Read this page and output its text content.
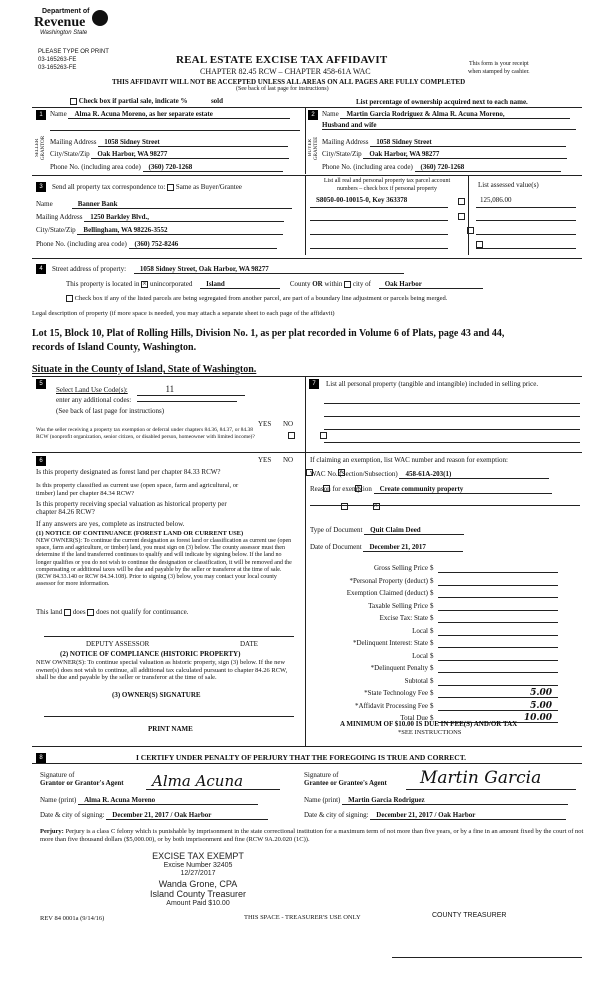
Department of
Revenue
Washington State
PLEASE TYPE OR PRINT
03-165263-FE
03-165263-FE
REAL ESTATE EXCISE TAX AFFIDAVIT
CHAPTER 82.45 RCW – CHAPTER 458-61A WAC
This form is your receipt
when stamped by cashier.
THIS AFFIDAVIT WILL NOT BE ACCEPTED UNLESS ALL AREAS ON ALL PAGES ARE FULLY COMPLETED
(See back of last page for instructions)
Check box if partial sale, indicate %	sold	List percentage of ownership acquired next to each name.
1
SELLER GRANTOR
Name Alma R. Acuna Moreno, as her separate estate
Mailing Address 1058 Sidney Street
City/State/Zip Oak Harbor, WA 98277
Phone No. (including area code) (360) 720-1268
2
BUYER GRANTEE
Name Martin Garcia Rodriguez & Alma R. Acuna Moreno,
Husband and wife
Mailing Address 1058 Sidney Street
City/State/Zip Oak Harbor, WA 98277
Phone No. (including area code) (360) 720-1268
3	Send all property tax correspondence to: Same as Buyer/Grantee
Name	Banner Bank
Mailing Address 1250 Barkley Blvd.,
City/State/Zip Bellingham, WA 98226-3552
Phone No. (including area code) (360) 752-8246
List all real and personal property tax parcel account
numbers – check box if personal property	List assessed value(s)
S8050-00-10015-0, Key 363378	125,086.00

4	Street address of property: 1058 Sidney Street, Oak Harbor, WA 98277
This property is located in × unincorporated Island	County OR within city of Oak Harbor
Check box if any of the listed parcels are being segregated from another parcel, are part of a boundary line adjustment or parcels being merged.
Legal description of property (if more space is needed, you may attach a separate sheet to each page of the affidavit)
Lot 15, Block 10, Plat of Rolling Hills, Division No. 1, as per plat recorded in Volume 6 of Plats, page 43 and 44,
records of Island County, Washington.
Situate in the County of Island, State of Washington.
5
Select Land Use Code(s):	11
enter any additional codes:
(See back of last page for instructions)
YES NO
Was the seller receiving a property tax exemption or deferral under chapters 84.36, 84.37, or 84.38 RCW (nonprofit organization, senior citizen, or disabled person, homeowner with limited income)?

6	YES NO
Is this property designated as forest land per chapter 84.33 RCW?
×
Is this property classified as current use (open space, farm and agricultural, or timber) land per chapter 84.34 RCW?
×
Is this property receiving special valuation as historical property per chapter 84.26 RCW?
×
If any answers are yes, complete as instructed below.
(1) NOTICE OF CONTINUANCE (FOREST LAND OR CURRENT USE)
NEW OWNER(S): To continue the current designation as forest land or classification as current use (open space, farm and agriculture, or timber) land, you must sign on (3) below. The county assessor must then determine if the land transferred continues to qualify and will indicate by signing below. If the land no longer qualifies or you do not wish to continue the designation or classification, it will be removed and the compensating or additional taxes will be due and payable by the seller or transferor at the time of sale. (RCW 84.33.140 or RCW 84.34.108). Prior to signing (3) below, you may contact your local county assessor for more information.
This land does does not qualify for continuance.
DEPUTY ASSESSOR	DATE
(2) NOTICE OF COMPLIANCE (HISTORIC PROPERTY)
NEW OWNER(S): To continue special valuation as historic property, sign (3) below. If the new owner(s) does not wish to continue, all additional tax calculated pursuant to chapter 84.26 RCW, shall be due and payable by the seller or transferor at the time of sale.
(3) OWNER(S) SIGNATURE
PRINT NAME
7	List all personal property (tangible and intangible) included in selling price.
If claiming an exemption, list WAC number and reason for exemption:
WAC No. (Section/Subsection) 458-61A-203(1)
Reason for exemption Create community property
Type of Document Quit Claim Deed
Date of Document December 21, 2017
Gross Selling Price $
*Personal Property (deduct) $
Exemption Claimed (deduct) $
Taxable Selling Price $
Excise Tax: State $
Local $
*Delinquent Interest: State $
Local $
*Delinquent Penalty $
Subtotal $
*State Technology Fee $	5.00
*Affidavit Processing Fee $	5.00
Total Due $	10.00
A MINIMUM OF $10.00 IS DUE IN FEE(S) AND/OR TAX
*SEE INSTRUCTIONS
8	I CERTIFY UNDER PENALTY OF PERJURY THAT THE FOREGOING IS TRUE AND CORRECT.
Signature of
Grantor or Grantor's Agent Alma Acuna	Signature of
Grantee or Grantee's Agent Martin Garcia
Name (print) Alma R. Acuna Moreno	Name (print) Martin Garcia Rodriguez
Date & city of signing: December 21, 2017 / Oak Harbor	Date & city of signing: December 21, 2017 / Oak Harbor
Perjury: Perjury is a class C felony which is punishable by imprisonment in the state correctional institution for a maximum term of not more than five years, or by a fine in an amount fixed by the court of not more than five thousand dollars ($5,000.00), or by both imprisonment and fine (RCW 9A.20.020 (1C)).
EXCISE TAX EXEMPT
Excise Number 32405
12/27/2017
Wanda Grone, CPA
Island County Treasurer
Amount Paid $10.00
REV 84 0001a (9/14/16)	THIS SPACE - TREASURER'S USE ONLY	COUNTY TREASURER
